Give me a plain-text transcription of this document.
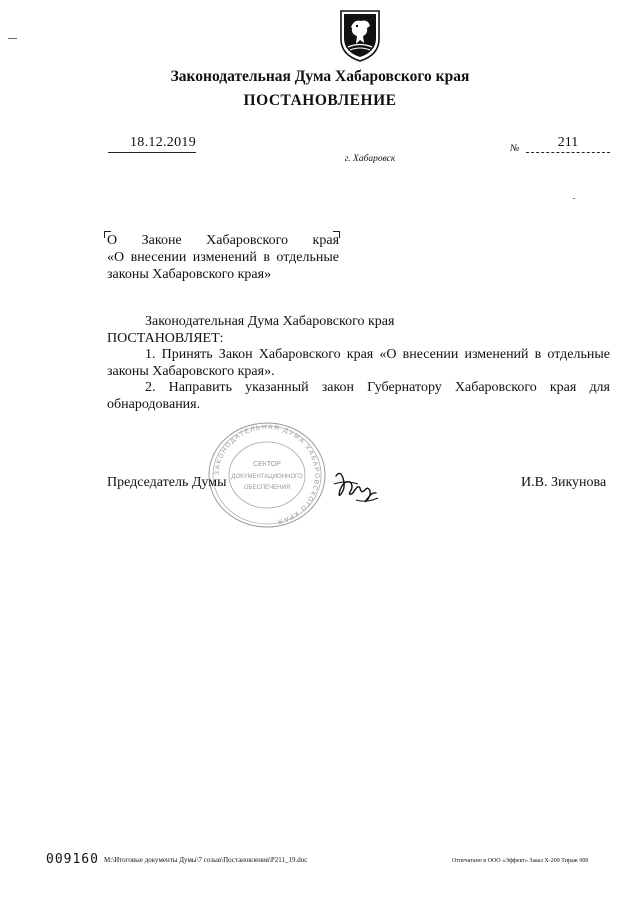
Законодательная Дума Хабаровского края
ПОСТАНОВЛЕНИЕ
18.12.2019	№	211
г. Хабаровск
О Законе Хабаровского края
«О внесении изменений в отдельные
законы Хабаровского края»
Законодательная Дума Хабаровского края
ПОСТАНОВЛЯЕТ:
1. Принять Закон Хабаровского края «О внесении изменений в отдельные
законы Хабаровского края».
2. Направить указанный закон Губернатору Хабаровского края для
обнародования.
ЗАКОНОДАТЕЛЬНАЯ ДУМА ХАБАРОВСКОГО КРАЯ
СЕКТОР
ДОКУМЕНТАЦИОННОГО
ОБЕСПЕЧЕНИЯ
Председатель Думы	И.В. Зикунова
009160 M:\Итоговые документы Думы\7 созыв\Постановления\Р211_19.doc	Отпечатано в ООО «Эффект» Заказ Х-209 Тираж 900
